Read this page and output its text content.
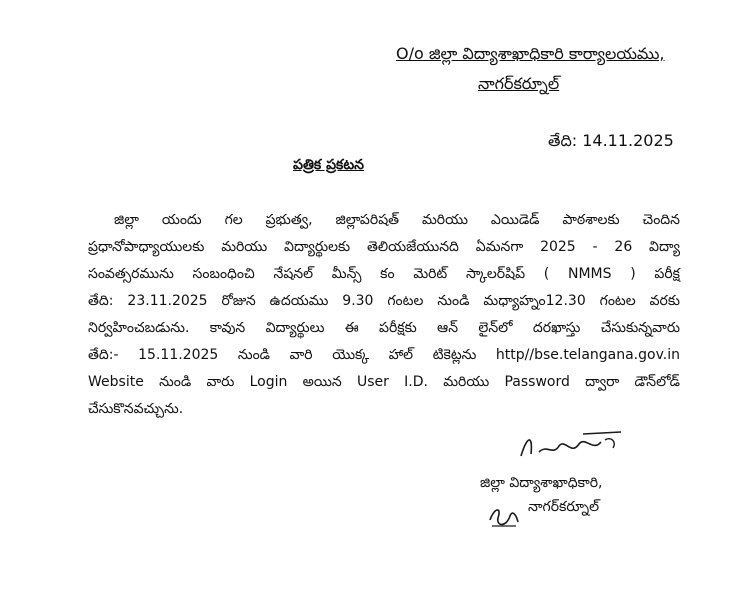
O/o జిల్లా విద్యాశాఖాధికారి కార్యాలయము,
నాగర్‌కర్నూల్
తేది: 14.11.2025
పత్రిక ప్రకటన
జిల్లా యందు గల ప్రభుత్వ, జిల్లాపరిషత్ మరియు ఎయిడెడ్ పాఠశాలకు చెందిన
ప్రధానోపాధ్యాయులకు మరియు విద్యార్థులకు తెలియజేయునది ఏమనగా 2025 - 26 విద్యా
సంవత్సరమును సంబంధించి నేషనల్ మీన్స్ కం మెరిట్ స్కాలర్‌షిప్ ( NMMS ) పరీక్ష
తేది: 23.11.2025 రోజున ఉదయము 9.30 గంటల నుండి మధ్యాహ్నం12.30 గంటల వరకు
నిర్వహించబడును. కావున విద్యార్థులు ఈ పరీక్షకు ఆన్ లైన్‌లో దరఖాస్తు చేసుకున్నవారు
తేది:- 15.11.2025 నుండి వారి యొక్క హాల్ టికెట్లను http//bse.telangana.gov.in
Website నుండి వారు Login అయిన User I.D. మరియు Password ద్వారా డౌన్‌లోడ్
చేసుకొనవచ్చును.
జిల్లా విద్యాశాఖాధికారి,
నాగర్‌కర్నూల్
